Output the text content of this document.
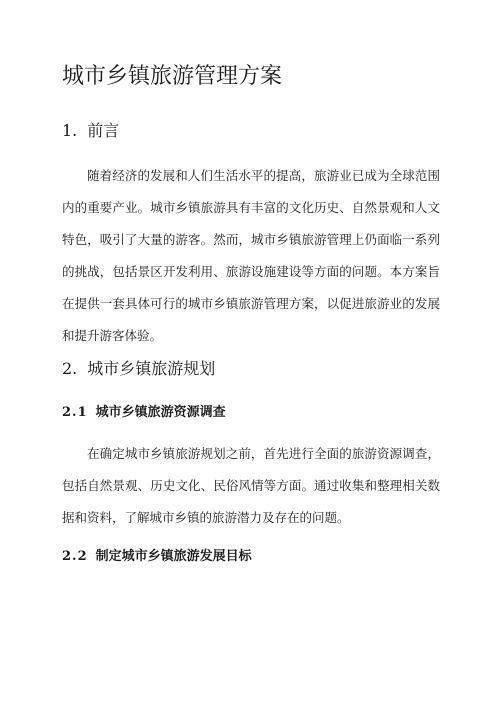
城市乡镇旅游管理方案
1. 前言

随着经济的发展和人们生活水平的提高，旅游业已成为全球范围内的重要产业。城市乡镇旅游具有丰富的文化历史、自然景观和人文特色，吸引了大量的游客。然而，城市乡镇旅游管理上仍面临一系列的挑战，包括景区开发利用、旅游设施建设等方面的问题。本方案旨在提供一套具体可行的城市乡镇旅游管理方案，以促进旅游业的发展和提升游客体验。

2. 城市乡镇旅游规划
2.1 城市乡镇旅游资源调查

在确定城市乡镇旅游规划之前，首先进行全面的旅游资源调查，包括自然景观、历史文化、民俗风情等方面。通过收集和整理相关数据和资料，了解城市乡镇的旅游潜力及存在的问题。

2.2 制定城市乡镇旅游发展目标
